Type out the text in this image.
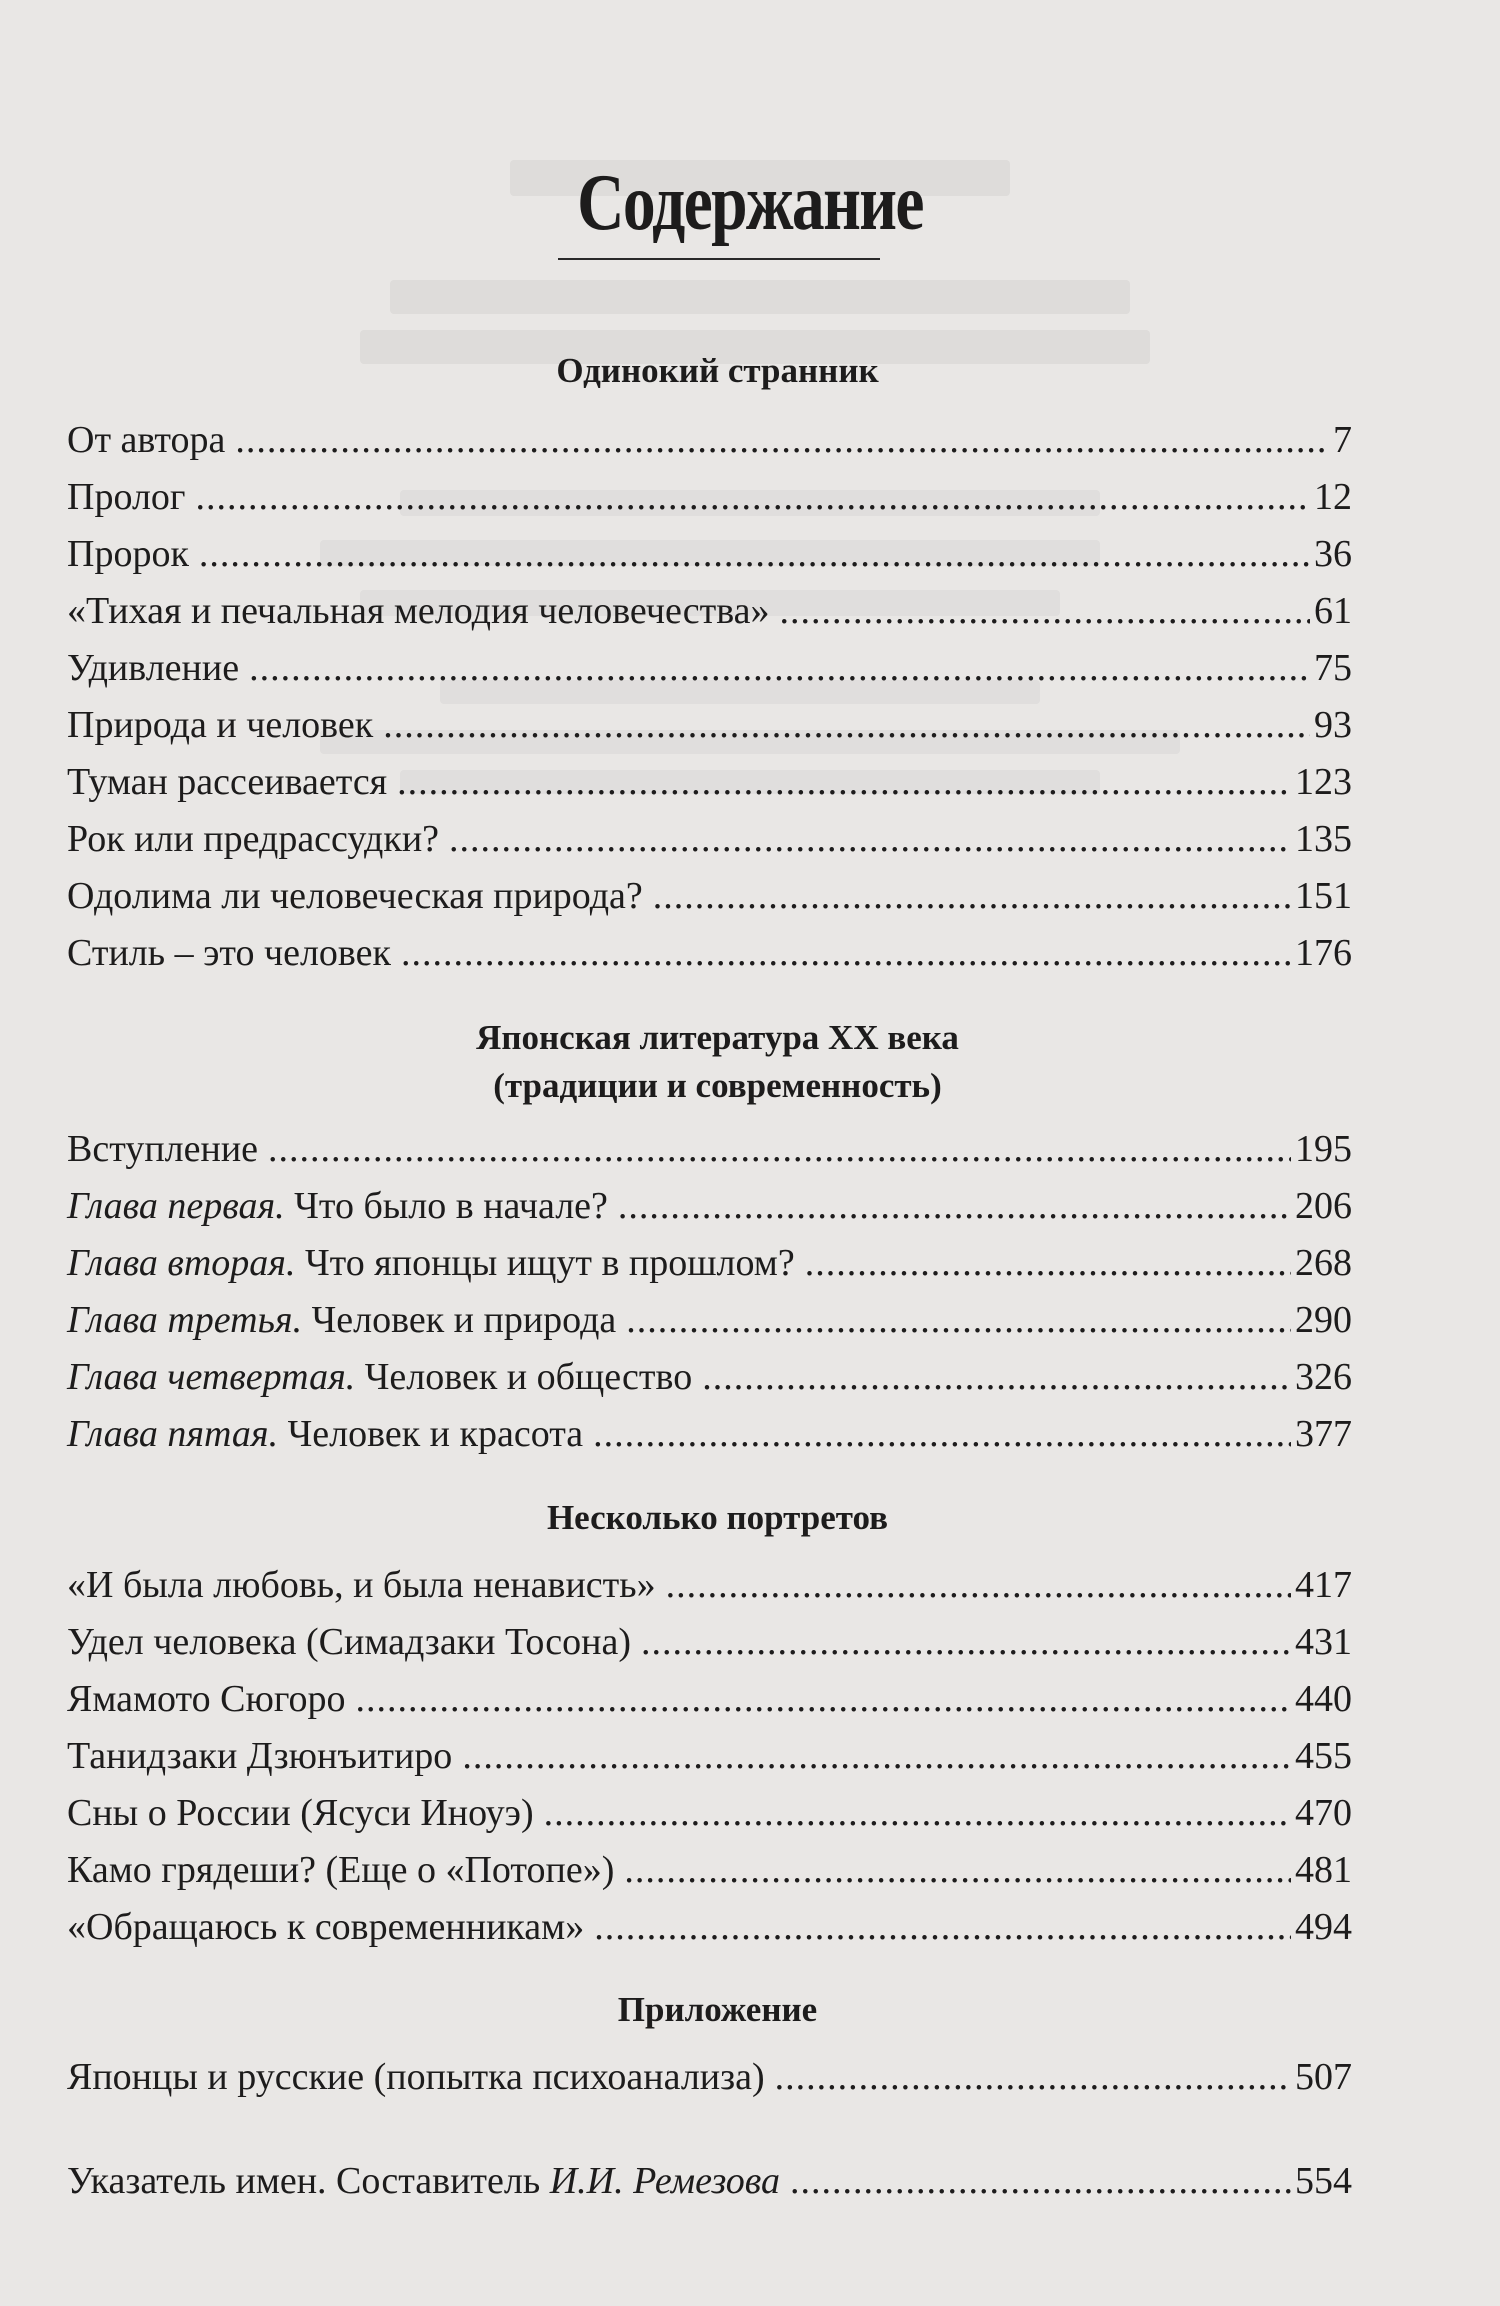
Содержание
Одинокий странник
От автора .....	7
Пролог .....	12
Пророк .....	36
«Тихая и печальная мелодия человечества» .....	61
Удивление .....	75
Природа и человек .....	93
Туман рассеивается .....	123
Рок или предрассудки? .....	135
Одолима ли человеческая природа? .....	151
Стиль – это человек .....	176
Японская литература XX века
(традиции и современность)
Вступление .....	195
Глава первая. Что было в начале? .....	206
Глава вторая. Что японцы ищут в прошлом? .....	268
Глава третья. Человек и природа .....	290
Глава четвертая. Человек и общество .....	326
Глава пятая. Человек и красота .....	377
Несколько портретов
«И была любовь, и была ненависть» .....	417
Удел человека (Симадзаки Тосона) .....	431
Ямамото Сюгоро .....	440
Танидзаки Дзюнъитиро .....	455
Сны о России (Ясуси Иноуэ) .....	470
Камо грядеши? (Еще о «Потопе») .....	481
«Обращаюсь к современникам» .....	494
Приложение
Японцы и русские (попытка психоанализа) .....	507
Указатель имен. Составитель И.И. Ремезова .....	554
